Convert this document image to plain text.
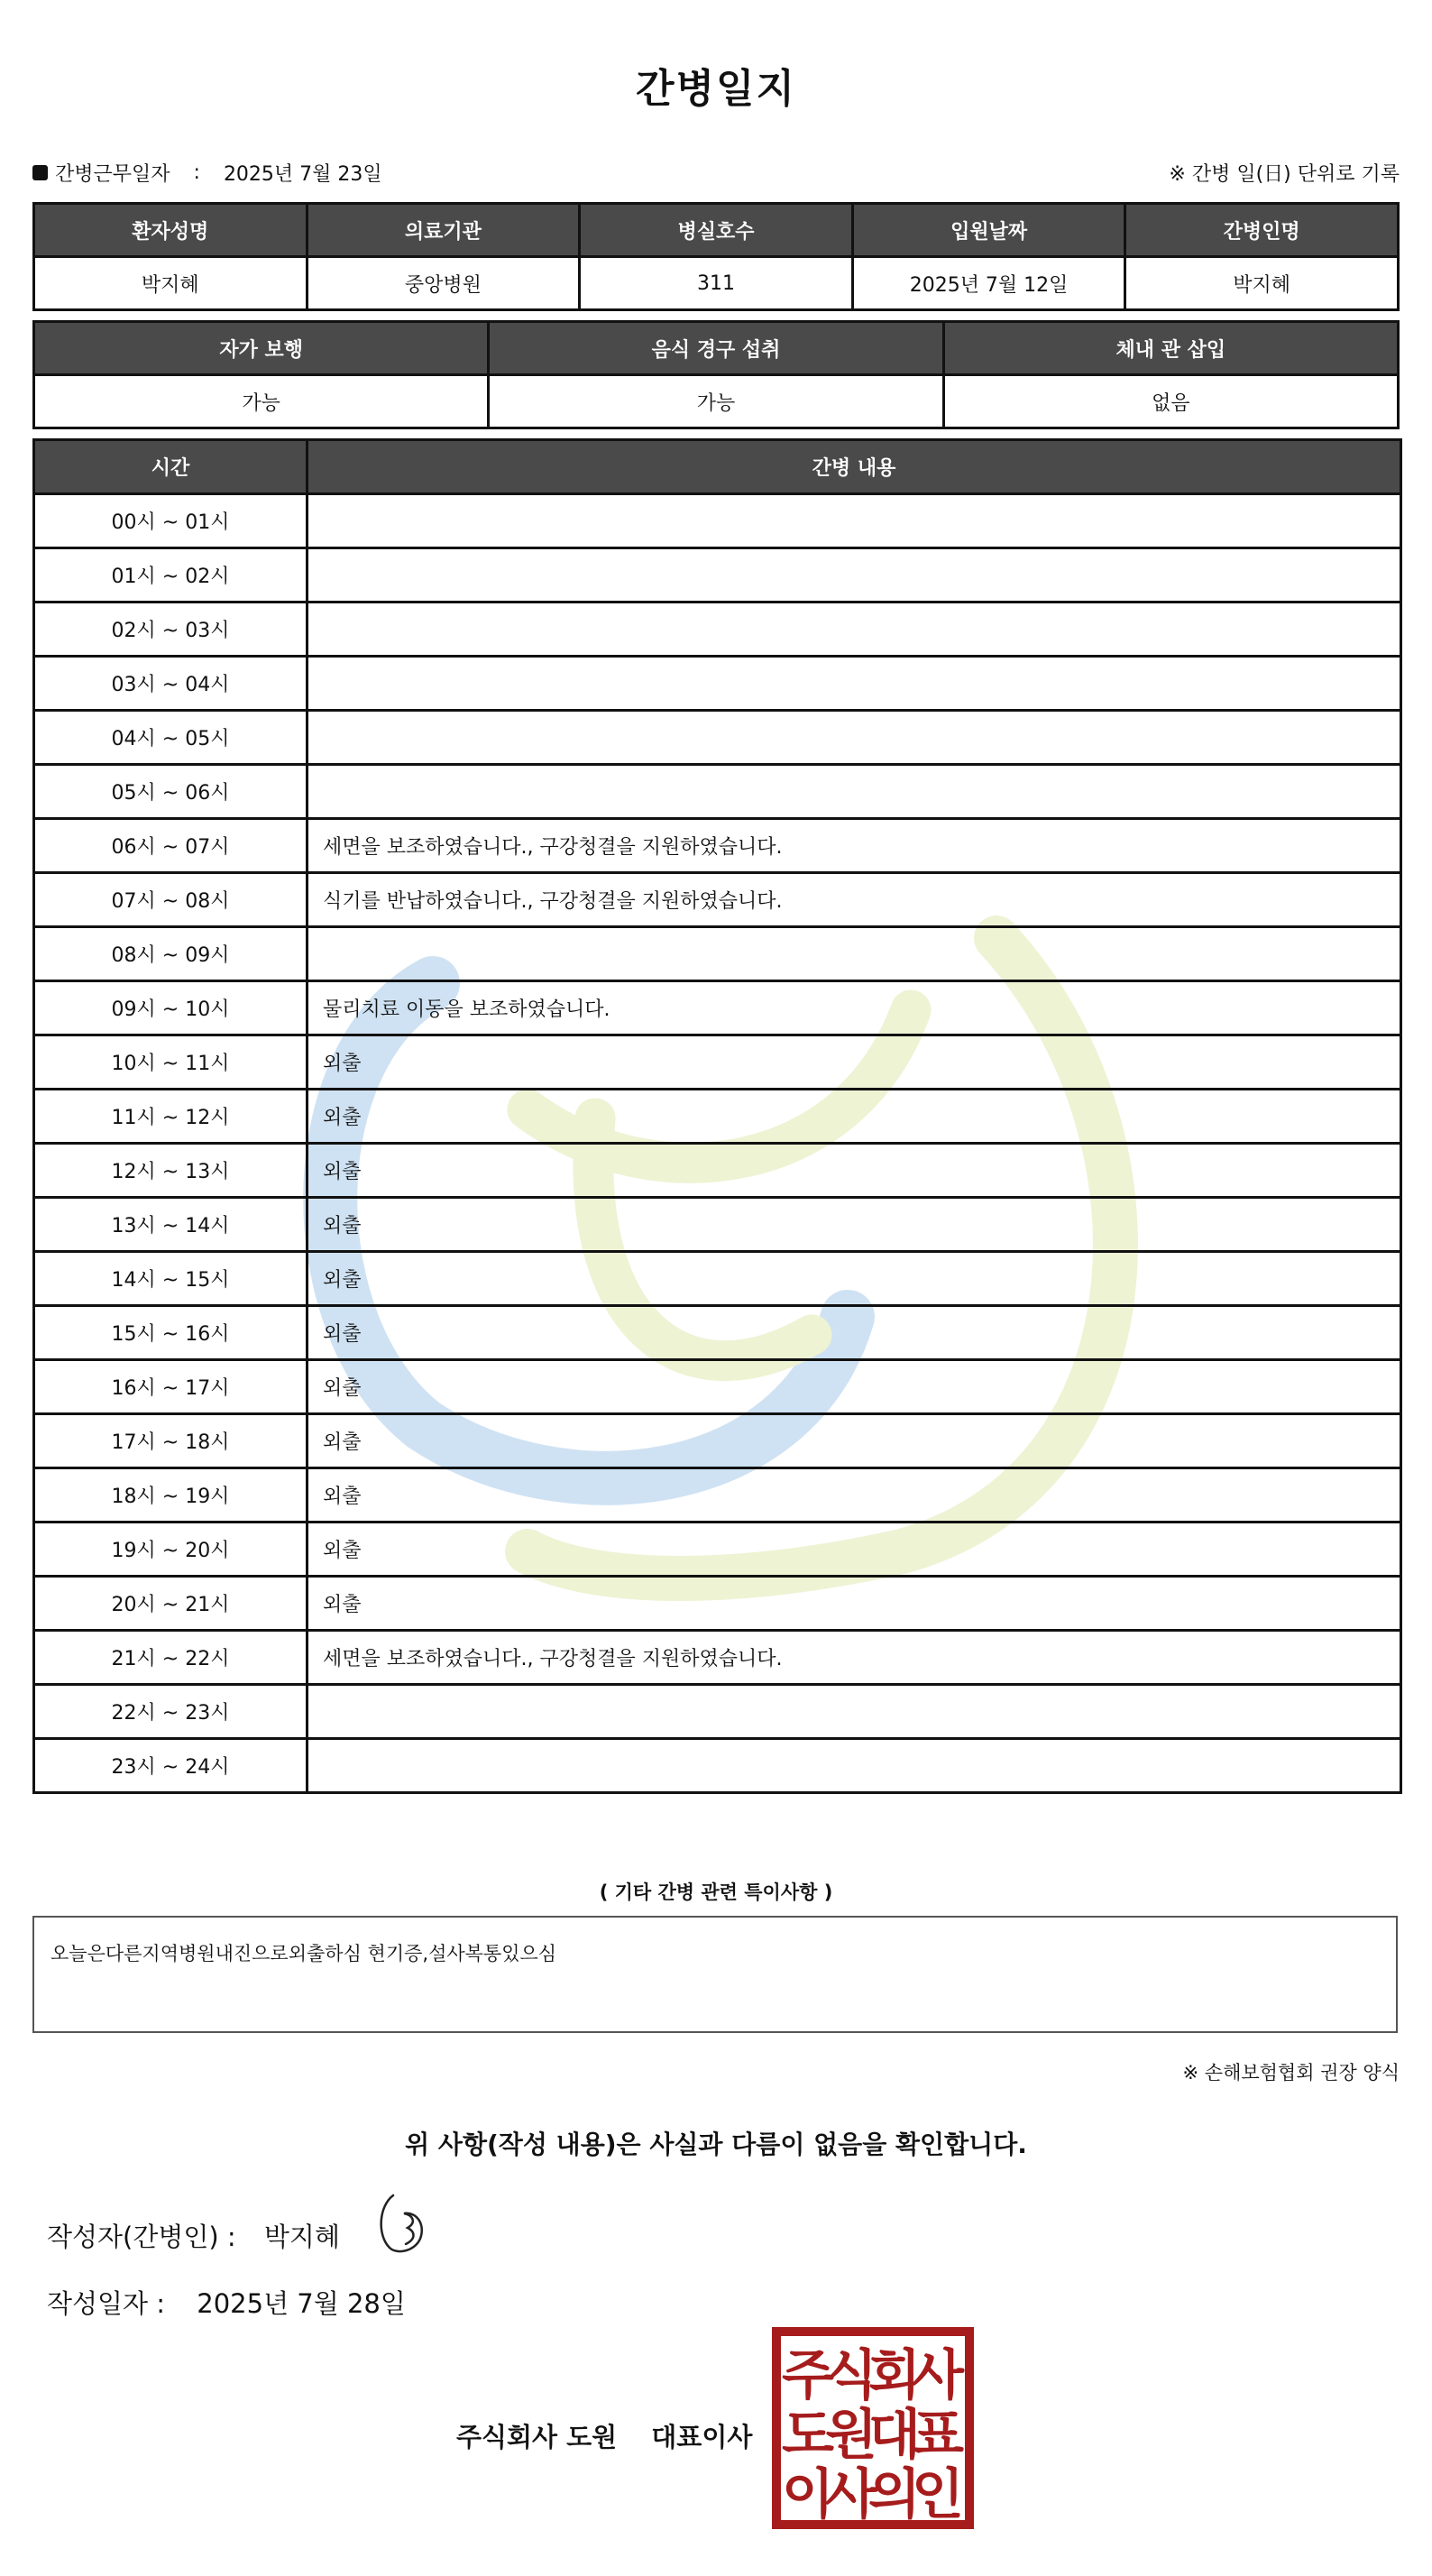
간병일지
간병근무일자 : 2025년 7월 23일	※ 간병 일(日) 단위로 기록
환자성명	의료기관	병실호수	입원날짜	간병인명
박지혜	중앙병원	311	2025년 7월 12일	박지혜
자가 보행	음식 경구 섭취	체내 관 삽입
가능	가능	없음
시간	간병 내용
00시 ~ 01시	
01시 ~ 02시	
02시 ~ 03시	
03시 ~ 04시	
04시 ~ 05시	
05시 ~ 06시	
06시 ~ 07시	세면을 보조하였습니다., 구강청결을 지원하였습니다.
07시 ~ 08시	식기를 반납하였습니다., 구강청결을 지원하였습니다.
08시 ~ 09시	
09시 ~ 10시	물리치료 이동을 보조하였습니다.
10시 ~ 11시	외출
11시 ~ 12시	외출
12시 ~ 13시	외출
13시 ~ 14시	외출
14시 ~ 15시	외출
15시 ~ 16시	외출
16시 ~ 17시	외출
17시 ~ 18시	외출
18시 ~ 19시	외출
19시 ~ 20시	외출
20시 ~ 21시	외출
21시 ~ 22시	세면을 보조하였습니다., 구강청결을 지원하였습니다.
22시 ~ 23시	
23시 ~ 24시	
( 기타 간병 관련 특이사항 )
오늘은다른지역병원내진으로외출하심 현기증,설사복통있으심
※ 손해보험협회 권장 양식
위 사항(작성 내용)은 사실과 다름이 없음을 확인합니다.
작성자(간병인) : 박지혜
작성일자 : 2025년 7월 28일
주식회사 도원 대표이사
주
식
회
사
도
원
대
표
이
사
의
인
